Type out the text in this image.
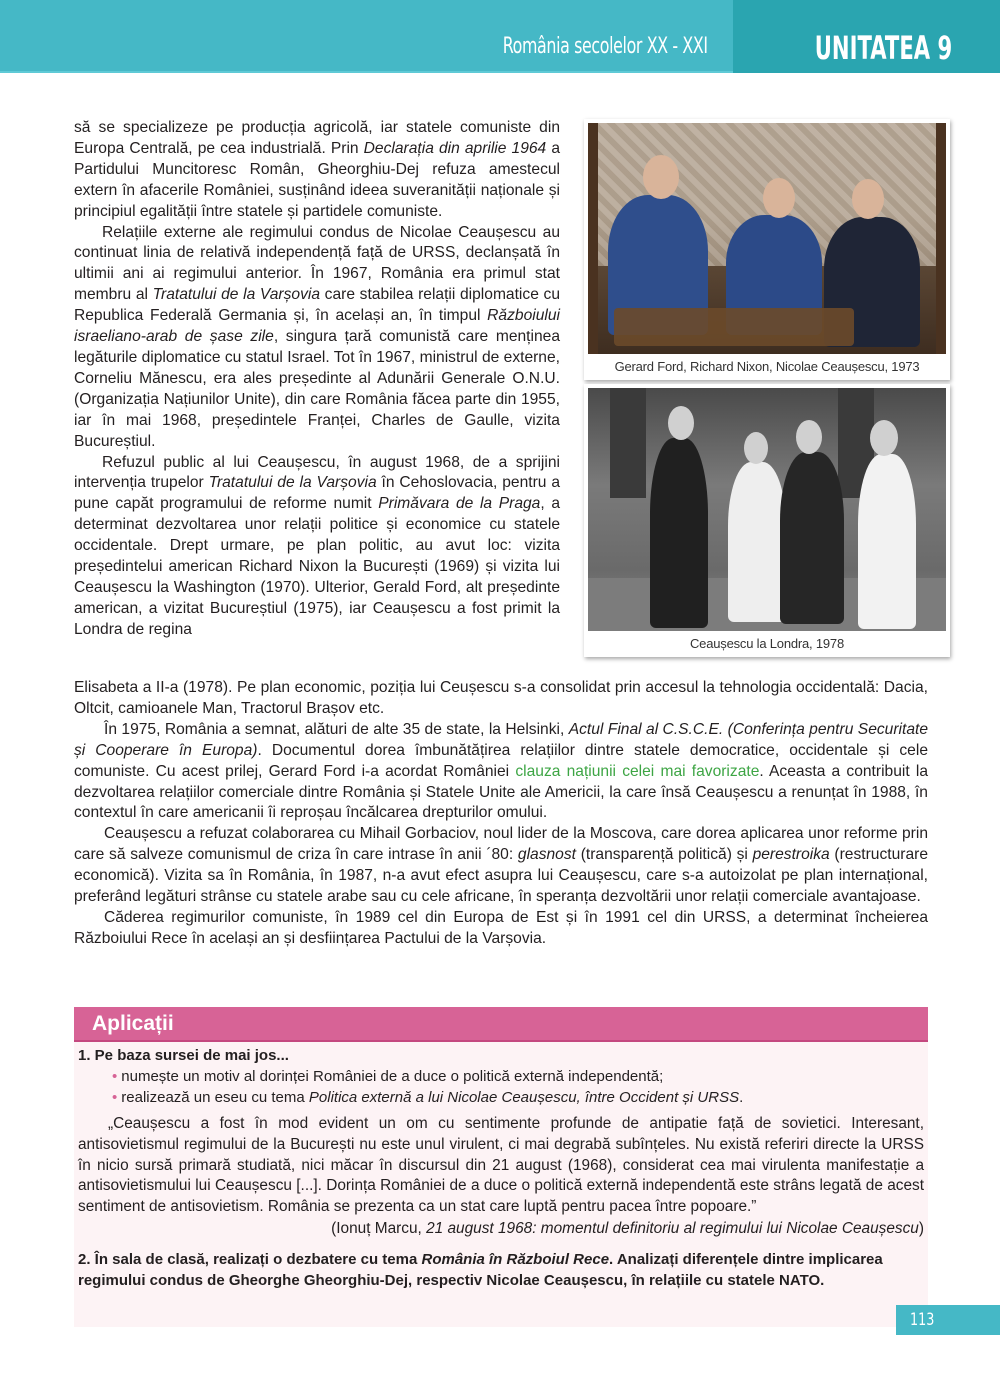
România secolelor XX - XXI	UNITATEA 9

să se specializeze pe producția agricolă, iar statele comuniste din Europa Centrală, pe cea industrială. Prin Declarația din aprilie 1964 a Partidului Muncitoresc Român, Gheorghiu-Dej refuza amestecul extern în afacerile României, susținând ideea suveranității naționale și principiul egalității între statele și partidele comuniste.

Relațiile externe ale regimului condus de Nicolae Ceaușescu au continuat linia de relativă independență față de URSS, declanșată în ultimii ani ai regimului anterior. În 1967, România era primul stat membru al Tratatului de la Varșovia care stabilea relații diplomatice cu Republica Federală Germania și, în același an, în timpul Războiului israeliano-arab de șase zile, singura țară comunistă care menținea legăturile diplomatice cu statul Israel. Tot în 1967, ministrul de externe, Corneliu Mănescu, era ales președinte al Adunării Generale O.N.U. (Organizația Națiunilor Unite), din care România făcea parte din 1955, iar în mai 1968, președintele Franței, Charles de Gaulle, vizita Bucureștiul.

Refuzul public al lui Ceaușescu, în august 1968, de a sprijini intervenția trupelor Tratatului de la Varșovia în Cehoslovacia, pentru a pune capăt programului de reforme numit Primăvara de la Praga, a determinat dezvoltarea unor relații politice și economice cu statele occidentale. Drept urmare, pe plan politic, au avut loc: vizita președintelui american Richard Nixon la București (1969) și vizita lui Ceaușescu la Washington (1970). Ulterior, Gerald Ford, alt președinte american, a vizitat Bucureștiul (1975), iar Ceaușescu a fost primit la Londra de regina

Gerard Ford, Richard Nixon, Nicolae Ceaușescu, 1973
Ceaușescu la Londra, 1978

Elisabeta a II-a (1978). Pe plan economic, poziția lui Ceușescu s-a consolidat prin accesul la tehnologia occidentală: Dacia, Oltcit, camioanele Man, Tractorul Brașov etc.

În 1975, România a semnat, alături de alte 35 de state, la Helsinki, Actul Final al C.S.C.E. (Conferința pentru Securitate și Cooperare în Europa). Documentul dorea îmbunătățirea relațiilor dintre statele democratice, occidentale și cele comuniste. Cu acest prilej, Gerard Ford i-a acordat României clauza națiunii celei mai favorizate. Aceasta a contribuit la dezvoltarea relațiilor comerciale dintre România și Statele Unite ale Americii, la care însă Ceaușescu a renunțat în 1988, în contextul în care americanii îi reproșau încălcarea drepturilor omului.

Ceaușescu a refuzat colaborarea cu Mihail Gorbaciov, noul lider de la Moscova, care dorea aplicarea unor reforme prin care să salveze comunismul de criza în care intrase în anii ´80: glasnost (transparență politică) și perestroika (restructurare economică). Vizita sa în România, în 1987, n-a avut efect asupra lui Ceaușescu, care s-a autoizolat pe plan internațional, preferând legături strânse cu statele arabe sau cu cele africane, în speranța dezvoltării unor relații comerciale avantajoase.

Căderea regimurilor comuniste, în 1989 cel din Europa de Est și în 1991 cel din URSS, a determinat încheierea Războiului Rece în același an și desființarea Pactului de la Varșovia.

Aplicații
1. Pe baza sursei de mai jos...
• numește un motiv al dorinței României de a duce o politică externă independentă;
• realizează un eseu cu tema Politica externă a lui Nicolae Ceaușescu, între Occident și URSS.

„Ceaușescu a fost în mod evident un om cu sentimente profunde de antipatie față de sovietici. Interesant, antisovietismul regimului de la București nu este unul virulent, ci mai degrabă subînțeles. Nu există referiri directe la URSS în nicio sursă primară studiată, nici măcar în discursul din 21 august (1968), considerat cea mai virulenta manifestație a antisovietismului lui Ceaușescu [...]. Dorința României de a duce o politică externă independentă este strâns legată de acest sentiment de antisovietism. România se prezenta ca un stat care luptă pentru pacea între popoare.”

(Ionuț Marcu, 21 august 1968: momentul definitoriu al regimului lui Nicolae Ceaușescu)

2. În sala de clasă, realizați o dezbatere cu tema România în Războiul Rece. Analizați diferențele dintre implicarea regimului condus de Gheorghe Gheorghiu-Dej, respectiv Nicolae Ceaușescu, în relațiile cu statele NATO.

113
